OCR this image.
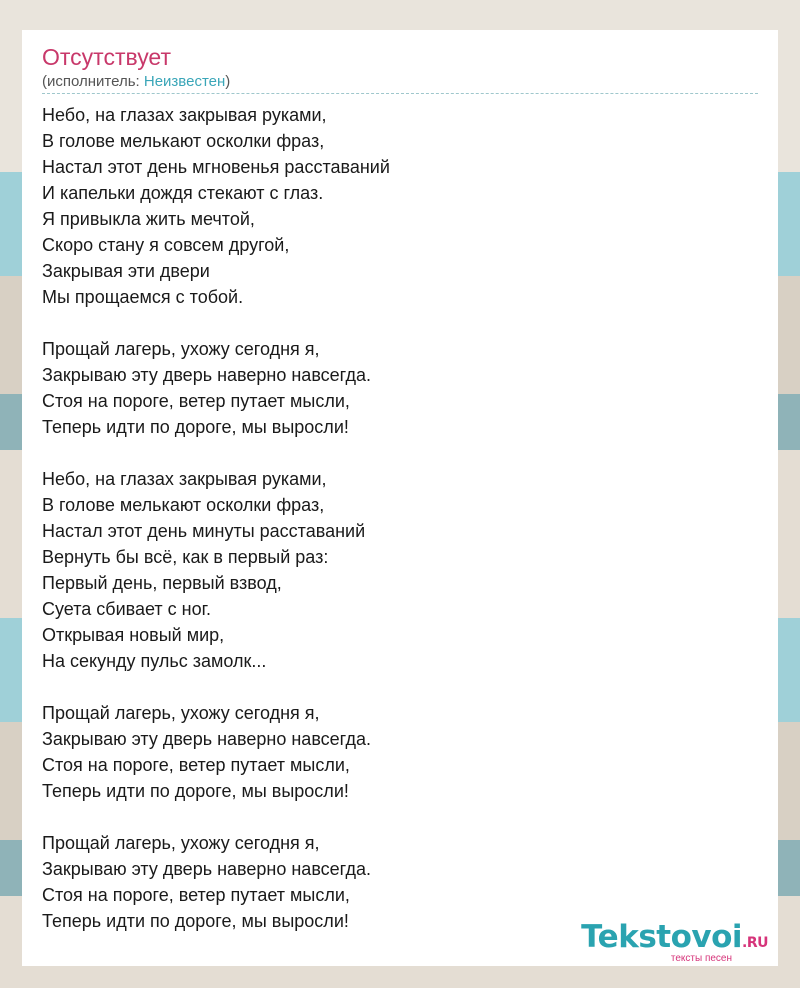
Отсутствует
(исполнитель: Неизвестен)
Небо, на глазах закрывая руками,
В голове мелькают осколки фраз,
Настал этот день мгновенья расставаний
И капельки дождя стекают с глаз.
Я привыкла жить мечтой,
Скоро стану я совсем другой,
Закрывая эти двери
Мы прощаемся с тобой.
Прощай лагерь, ухожу сегодня я,
Закрываю эту дверь наверно навсегда.
Стоя на пороге, ветер путает мысли,
Теперь идти по дороге, мы выросли!
Небо, на глазах закрывая руками,
В голове мелькают осколки фраз,
Настал этот день минуты расставаний
Вернуть бы всё, как в первый раз:
Первый день, первый взвод,
Суета сбивает с ног.
Открывая новый мир,
На секунду пульс замолк...
Прощай лагерь, ухожу сегодня я,
Закрываю эту дверь наверно навсегда.
Стоя на пороге, ветер путает мысли,
Теперь идти по дороге, мы выросли!
Прощай лагерь, ухожу сегодня я,
Закрываю эту дверь наверно навсегда.
Стоя на пороге, ветер путает мысли,
Теперь идти по дороге, мы выросли!	Tekstovoi.RU
тексты песен
